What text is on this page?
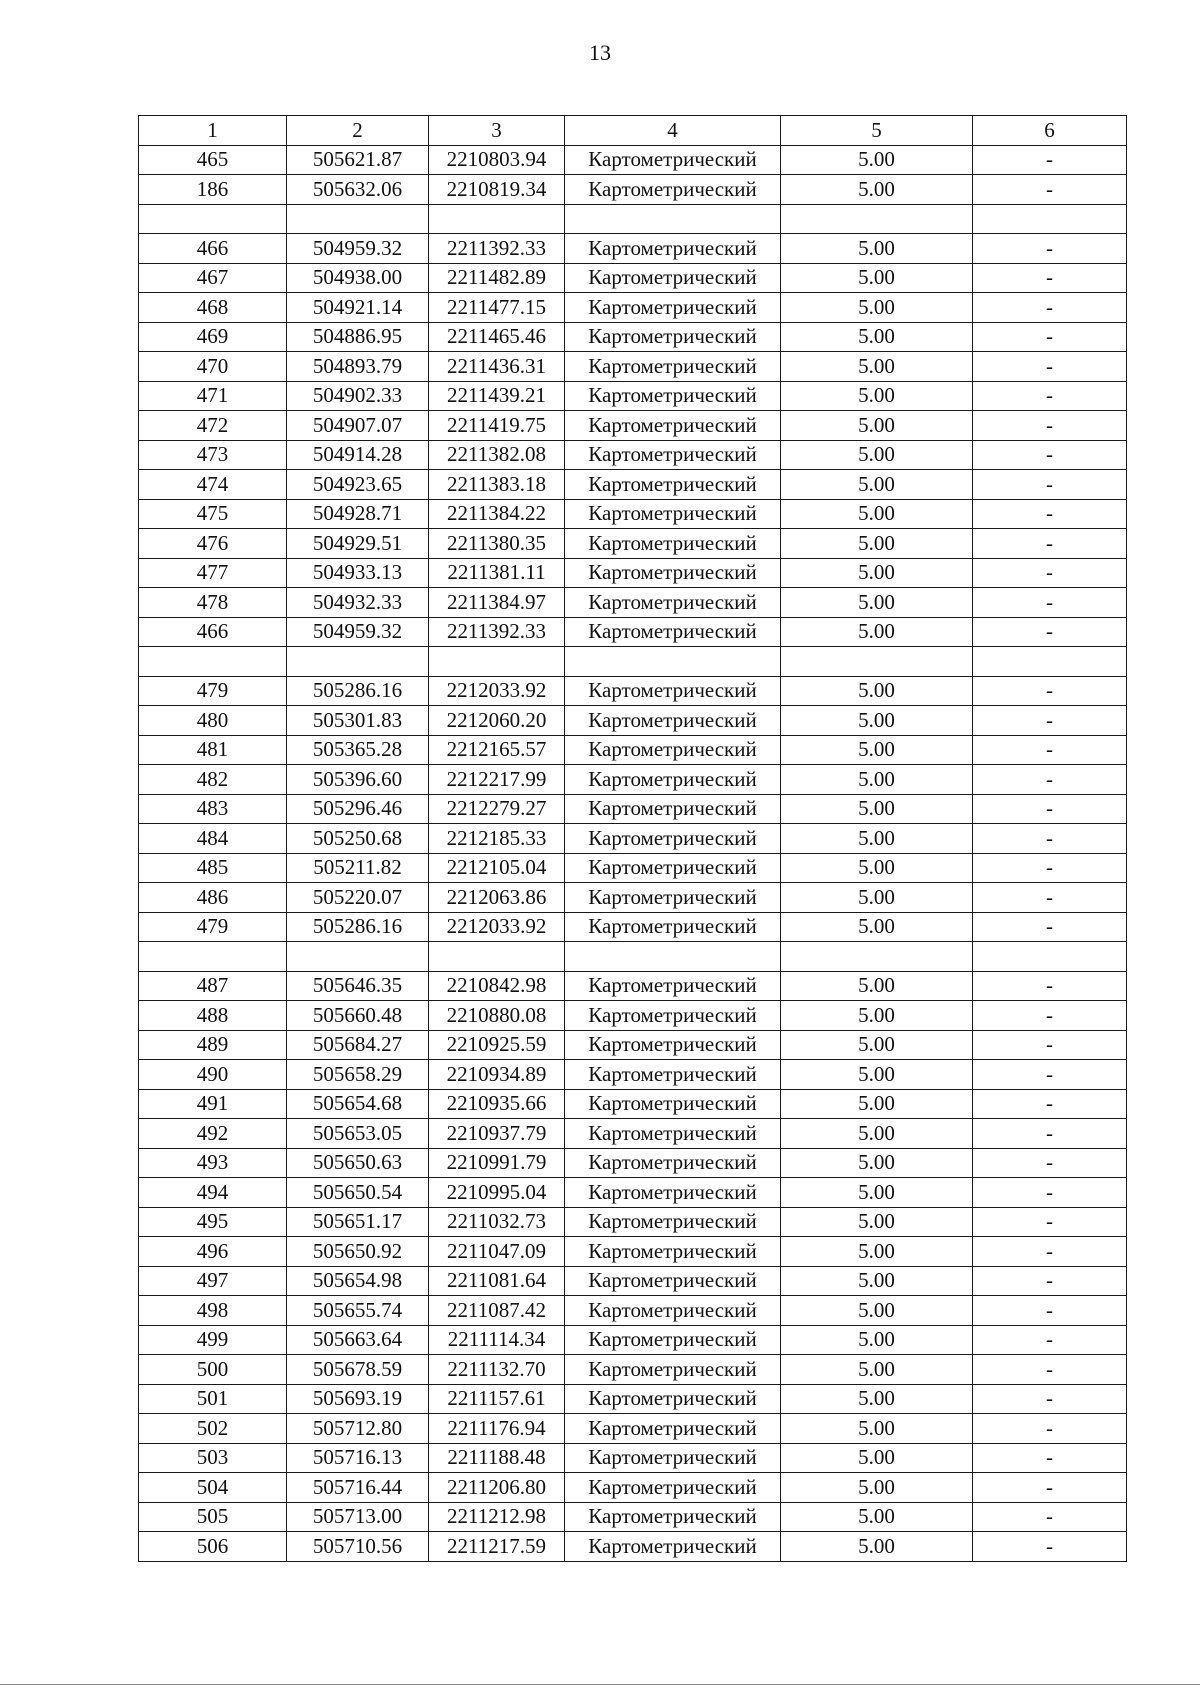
13
1	2	3	4	5	6
465	505621.87	2210803.94	Картометрический	5.00	-
186	505632.06	2210819.34	Картометрический	5.00	-

466	504959.32	2211392.33	Картометрический	5.00	-
467	504938.00	2211482.89	Картометрический	5.00	-
468	504921.14	2211477.15	Картометрический	5.00	-
469	504886.95	2211465.46	Картометрический	5.00	-
470	504893.79	2211436.31	Картометрический	5.00	-
471	504902.33	2211439.21	Картометрический	5.00	-
472	504907.07	2211419.75	Картометрический	5.00	-
473	504914.28	2211382.08	Картометрический	5.00	-
474	504923.65	2211383.18	Картометрический	5.00	-
475	504928.71	2211384.22	Картометрический	5.00	-
476	504929.51	2211380.35	Картометрический	5.00	-
477	504933.13	2211381.11	Картометрический	5.00	-
478	504932.33	2211384.97	Картометрический	5.00	-
466	504959.32	2211392.33	Картометрический	5.00	-

479	505286.16	2212033.92	Картометрический	5.00	-
480	505301.83	2212060.20	Картометрический	5.00	-
481	505365.28	2212165.57	Картометрический	5.00	-
482	505396.60	2212217.99	Картометрический	5.00	-
483	505296.46	2212279.27	Картометрический	5.00	-
484	505250.68	2212185.33	Картометрический	5.00	-
485	505211.82	2212105.04	Картометрический	5.00	-
486	505220.07	2212063.86	Картометрический	5.00	-
479	505286.16	2212033.92	Картометрический	5.00	-

487	505646.35	2210842.98	Картометрический	5.00	-
488	505660.48	2210880.08	Картометрический	5.00	-
489	505684.27	2210925.59	Картометрический	5.00	-
490	505658.29	2210934.89	Картометрический	5.00	-
491	505654.68	2210935.66	Картометрический	5.00	-
492	505653.05	2210937.79	Картометрический	5.00	-
493	505650.63	2210991.79	Картометрический	5.00	-
494	505650.54	2210995.04	Картометрический	5.00	-
495	505651.17	2211032.73	Картометрический	5.00	-
496	505650.92	2211047.09	Картометрический	5.00	-
497	505654.98	2211081.64	Картометрический	5.00	-
498	505655.74	2211087.42	Картометрический	5.00	-
499	505663.64	2211114.34	Картометрический	5.00	-
500	505678.59	2211132.70	Картометрический	5.00	-
501	505693.19	2211157.61	Картометрический	5.00	-
502	505712.80	2211176.94	Картометрический	5.00	-
503	505716.13	2211188.48	Картометрический	5.00	-
504	505716.44	2211206.80	Картометрический	5.00	-
505	505713.00	2211212.98	Картометрический	5.00	-
506	505710.56	2211217.59	Картометрический	5.00	-
